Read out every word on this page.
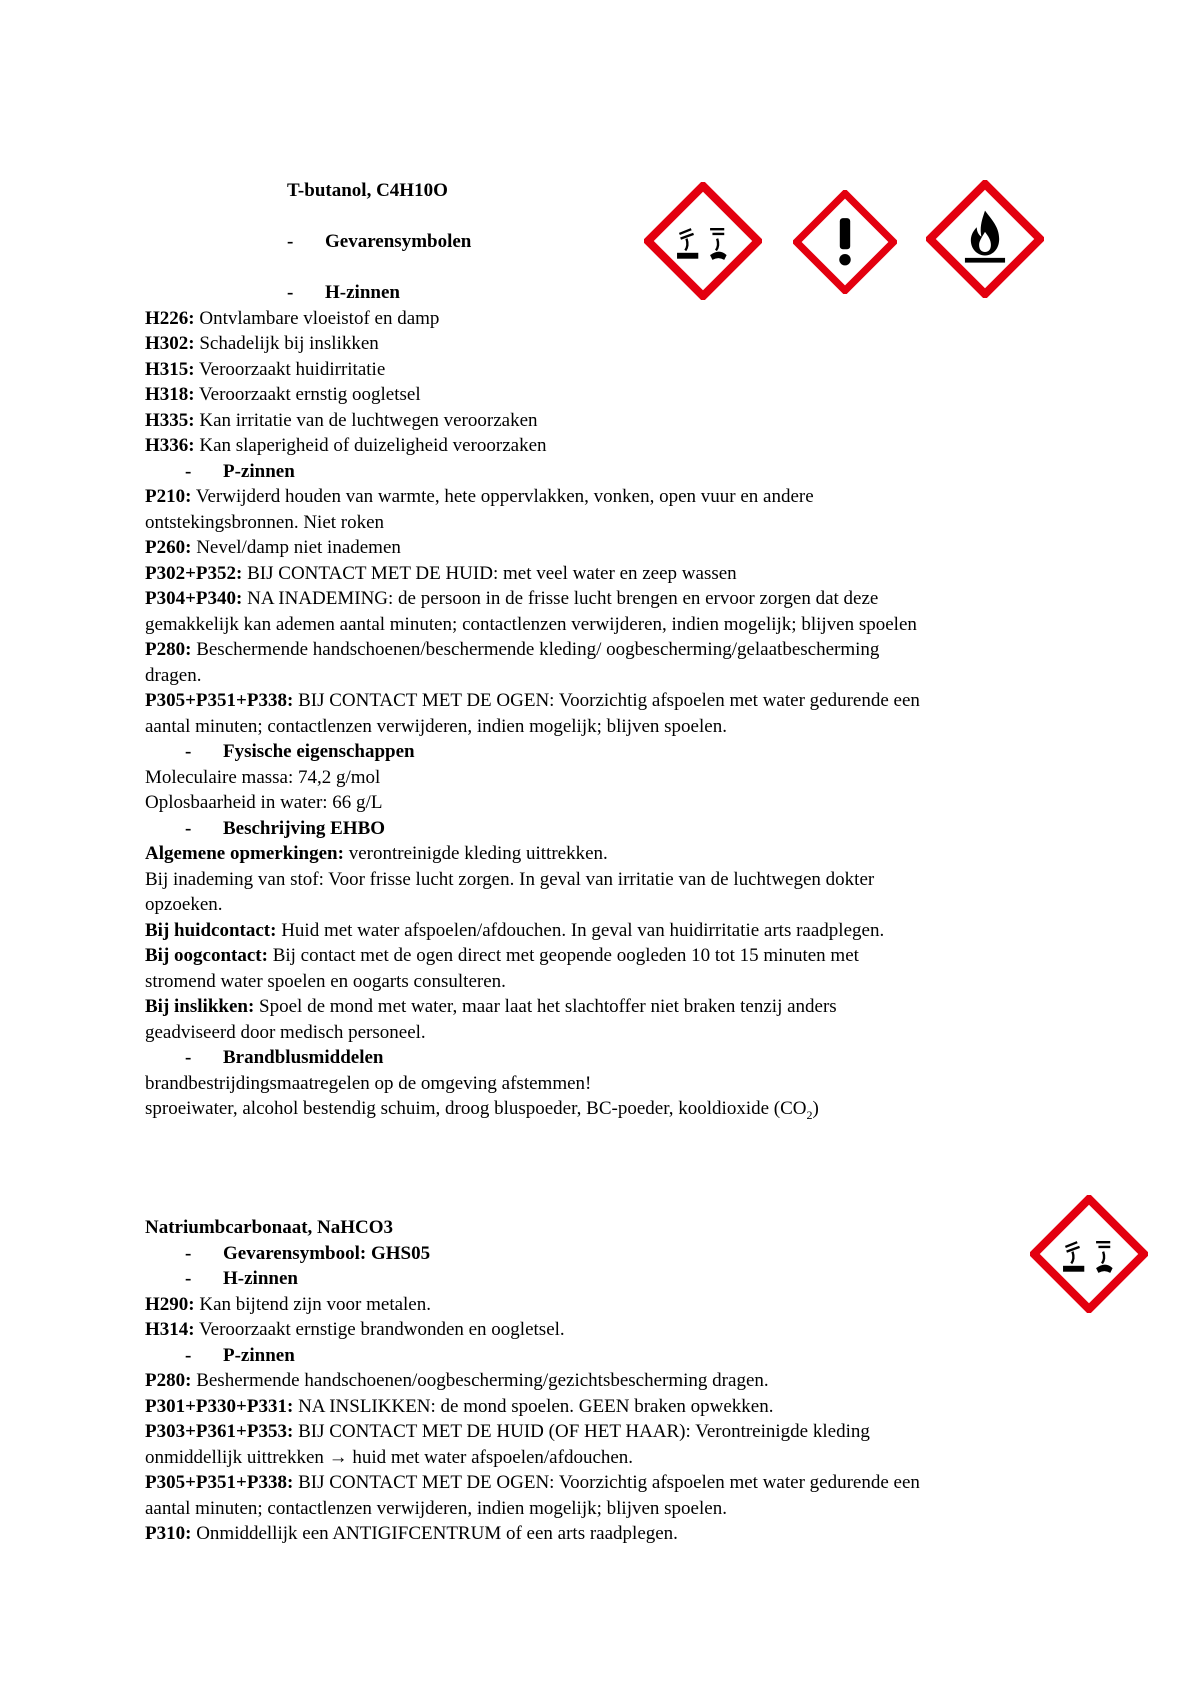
T-butanol, C4H10O
- Gevarensymbolen
- H-zinnen
H226: Ontvlambare vloeistof en damp
H302: Schadelijk bij inslikken
H315: Veroorzaakt huidirritatie
H318: Veroorzaakt ernstig oogletsel
H335: Kan irritatie van de luchtwegen veroorzaken
H336: Kan slaperigheid of duizeligheid veroorzaken
- P-zinnen
P210: Verwijderd houden van warmte, hete oppervlakken, vonken, open vuur en andere
ontstekingsbronnen. Niet roken
P260: Nevel/damp niet inademen
P302+P352: BIJ CONTACT MET DE HUID: met veel water en zeep wassen
P304+P340: NA INADEMING: de persoon in de frisse lucht brengen en ervoor zorgen dat deze
gemakkelijk kan ademen aantal minuten; contactlenzen verwijderen, indien mogelijk; blijven spoelen
P280: Beschermende handschoenen/beschermende kleding/ oogbescherming/gelaatbescherming
dragen.
P305+P351+P338: BIJ CONTACT MET DE OGEN: Voorzichtig afspoelen met water gedurende een
aantal minuten; contactlenzen verwijderen, indien mogelijk; blijven spoelen.
- Fysische eigenschappen
Moleculaire massa: 74,2 g/mol
Oplosbaarheid in water: 66 g/L
- Beschrijving EHBO
Algemene opmerkingen: verontreinigde kleding uittrekken.
Bij inademing van stof: Voor frisse lucht zorgen. In geval van irritatie van de luchtwegen dokter
opzoeken.
Bij huidcontact: Huid met water afspoelen/afdouchen. In geval van huidirritatie arts raadplegen.
Bij oogcontact: Bij contact met de ogen direct met geopende oogleden 10 tot 15 minuten met
stromend water spoelen en oogarts consulteren.
Bij inslikken: Spoel de mond met water, maar laat het slachtoffer niet braken tenzij anders
geadviseerd door medisch personeel.
- Brandblusmiddelen
brandbestrijdingsmaatregelen op de omgeving afstemmen!
sproeiwater, alcohol bestendig schuim, droog bluspoeder, BC-poeder, kooldioxide $(CO_2)$
Natriumbcarbonaat, NaHCO3
- Gevarensymbool: GHS05
- H-zinnen
H290: Kan bijtend zijn voor metalen.
H314: Veroorzaakt ernstige brandwonden en oogletsel.
- P-zinnen
P280: Beshermende handschoenen/oogbescherming/gezichtsbescherming dragen.
P301+P330+P331: NA INSLIKKEN: de mond spoelen. GEEN braken opwekken.
P303+P361+P353: BIJ CONTACT MET DE HUID (OF HET HAAR): Verontreinigde kleding
onmiddellijk uittrekken → huid met water afspoelen/afdouchen.
P305+P351+P338: BIJ CONTACT MET DE OGEN: Voorzichtig afspoelen met water gedurende een
aantal minuten; contactlenzen verwijderen, indien mogelijk; blijven spoelen.
P310: Onmiddellijk een ANTIGIFCENTRUM of een arts raadplegen.
